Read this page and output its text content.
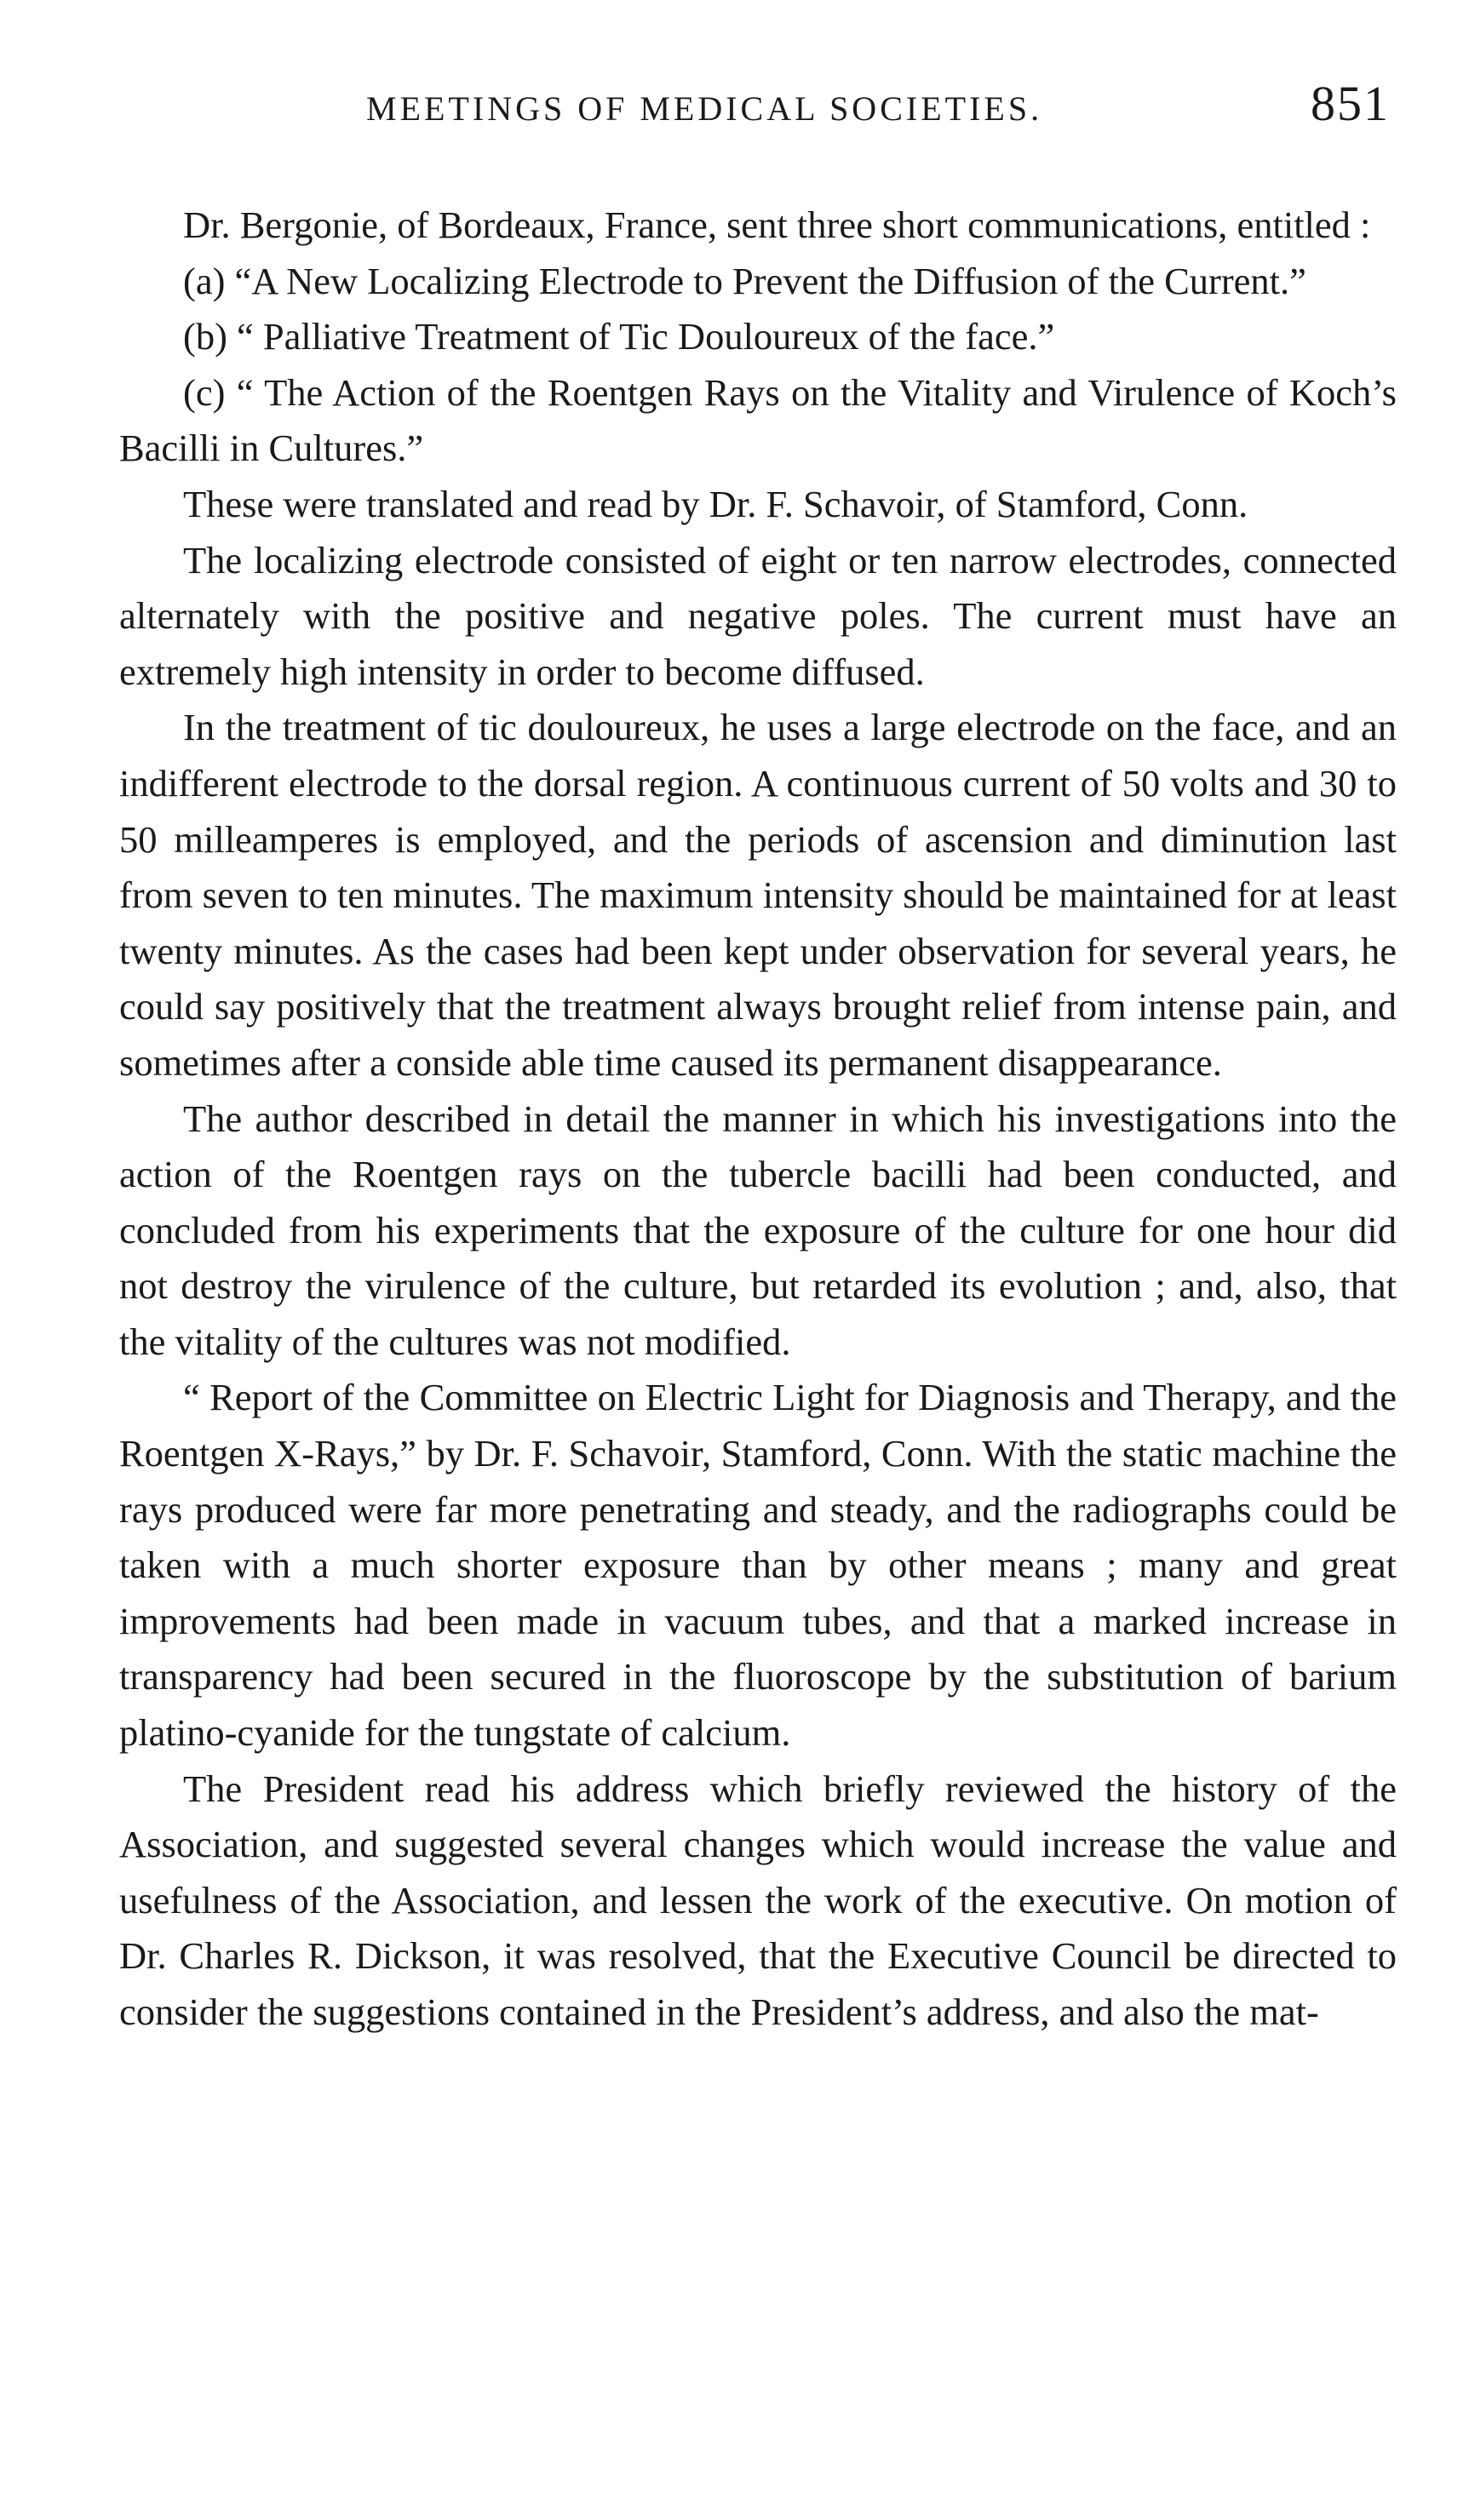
MEETINGS OF MEDICAL SOCIETIES.	851

Dr. Bergonie, of Bordeaux, France, sent three short communications, entitled :

(a) “A New Localizing Electrode to Prevent the Diffusion of the Current.”

(b) “ Palliative Treatment of Tic Douloureux of the face.”

(c) “ The Action of the Roentgen Rays on the Vitality and Virulence of Koch’s Bacilli in Cultures.”

These were translated and read by Dr. F. Schavoir, of Stamford, Conn.

The localizing electrode consisted of eight or ten narrow electrodes, connected alternately with the positive and negative poles. The current must have an extremely high intensity in order to become diffused.

In the treatment of tic douloureux, he uses a large electrode on the face, and an indifferent electrode to the dorsal region. A continuous current of 50 volts and 30 to 50 milleamperes is employed, and the periods of ascension and diminution last from seven to ten minutes. The maximum intensity should be maintained for at least twenty minutes. As the cases had been kept under observation for several years, he could say positively that the treatment always brought relief from intense pain, and sometimes after a conside able time caused its permanent disappearance.

The author described in detail the manner in which his investigations into the action of the Roentgen rays on the tubercle bacilli had been conducted, and concluded from his experiments that the exposure of the culture for one hour did not destroy the virulence of the culture, but retarded its evolution ; and, also, that the vitality of the cultures was not modified.

“ Report of the Committee on Electric Light for Diagnosis and Therapy, and the Roentgen X-Rays,” by Dr. F. Schavoir, Stamford, Conn. With the static machine the rays produced were far more penetrating and steady, and the radiographs could be taken with a much shorter exposure than by other means ; many and great improvements had been made in vacuum tubes, and that a marked increase in transparency had been secured in the fluoroscope by the substitution of barium platino-cyanide for the tungstate of calcium.

The President read his address which briefly reviewed the history of the Association, and suggested several changes which would increase the value and usefulness of the Association, and lessen the work of the executive. On motion of Dr. Charles R. Dickson, it was resolved, that the Executive Council be directed to consider the suggestions contained in the President’s address, and also the mat-
